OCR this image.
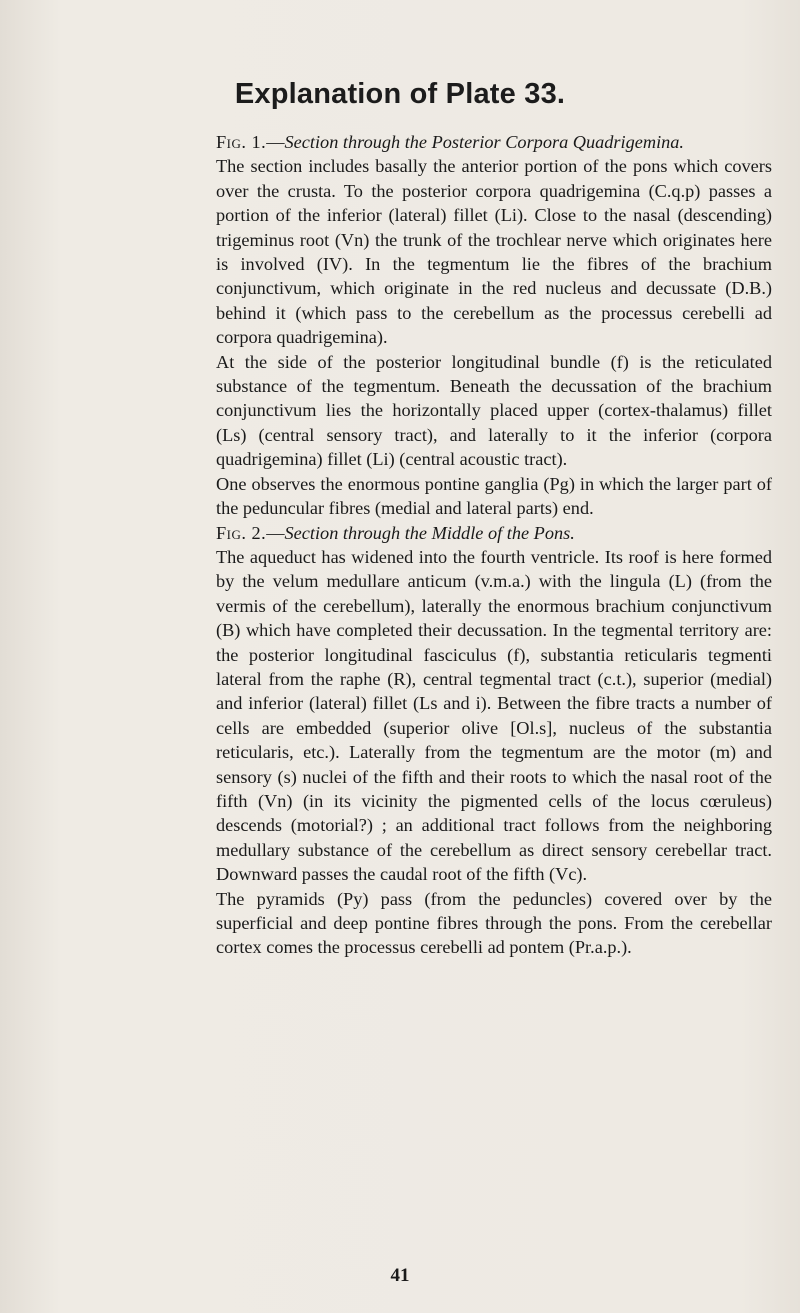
Explanation of Plate 33.

Fig. 1.—Section through the Posterior Corpora Quadrigemina.

The section includes basally the anterior portion of the pons which covers over the crusta. To the posterior corpora quadrigemina (C.q.p) passes a portion of the inferior (lateral) fillet (Li). Close to the nasal (descending) trigeminus root (Vn) the trunk of the trochlear nerve which originates here is involved (IV). In the tegmentum lie the fibres of the brachium conjunctivum, which originate in the red nucleus and decussate (D.B.) behind it (which pass to the cerebellum as the processus cerebelli ad corpora quadrigemina).

At the side of the posterior longitudinal bundle (f) is the reticulated substance of the tegmentum. Beneath the decussation of the brachium conjunctivum lies the horizontally placed upper (cortex-thalamus) fillet (Ls) (central sensory tract), and laterally to it the inferior (corpora quadrigemina) fillet (Li) (central acoustic tract).

One observes the enormous pontine ganglia (Pg) in which the larger part of the peduncular fibres (medial and lateral parts) end.

Fig. 2.—Section through the Middle of the Pons.

The aqueduct has widened into the fourth ventricle. Its roof is here formed by the velum medullare anticum (v.m.a.) with the lingula (L) (from the vermis of the cerebellum), laterally the enormous brachium conjunctivum (B) which have completed their decussation. In the tegmental territory are: the posterior longitudinal fasciculus (f), substantia reticularis tegmenti lateral from the raphe (R), central tegmental tract (c.t.), superior (medial) and inferior (lateral) fillet (Ls and i). Between the fibre tracts a number of cells are embedded (superior olive [Ol.s], nucleus of the substantia reticularis, etc.). Laterally from the tegmentum are the motor (m) and sensory (s) nuclei of the fifth and their roots to which the nasal root of the fifth (Vn) (in its vicinity the pigmented cells of the locus cœruleus) descends (motorial?) ; an additional tract follows from the neighboring medullary substance of the cerebellum as direct sensory cerebellar tract. Downward passes the caudal root of the fifth (Vc).

The pyramids (Py) pass (from the peduncles) covered over by the superficial and deep pontine fibres through the pons. From the cerebellar cortex comes the processus cerebelli ad pontem (Pr.a.p.).

41
